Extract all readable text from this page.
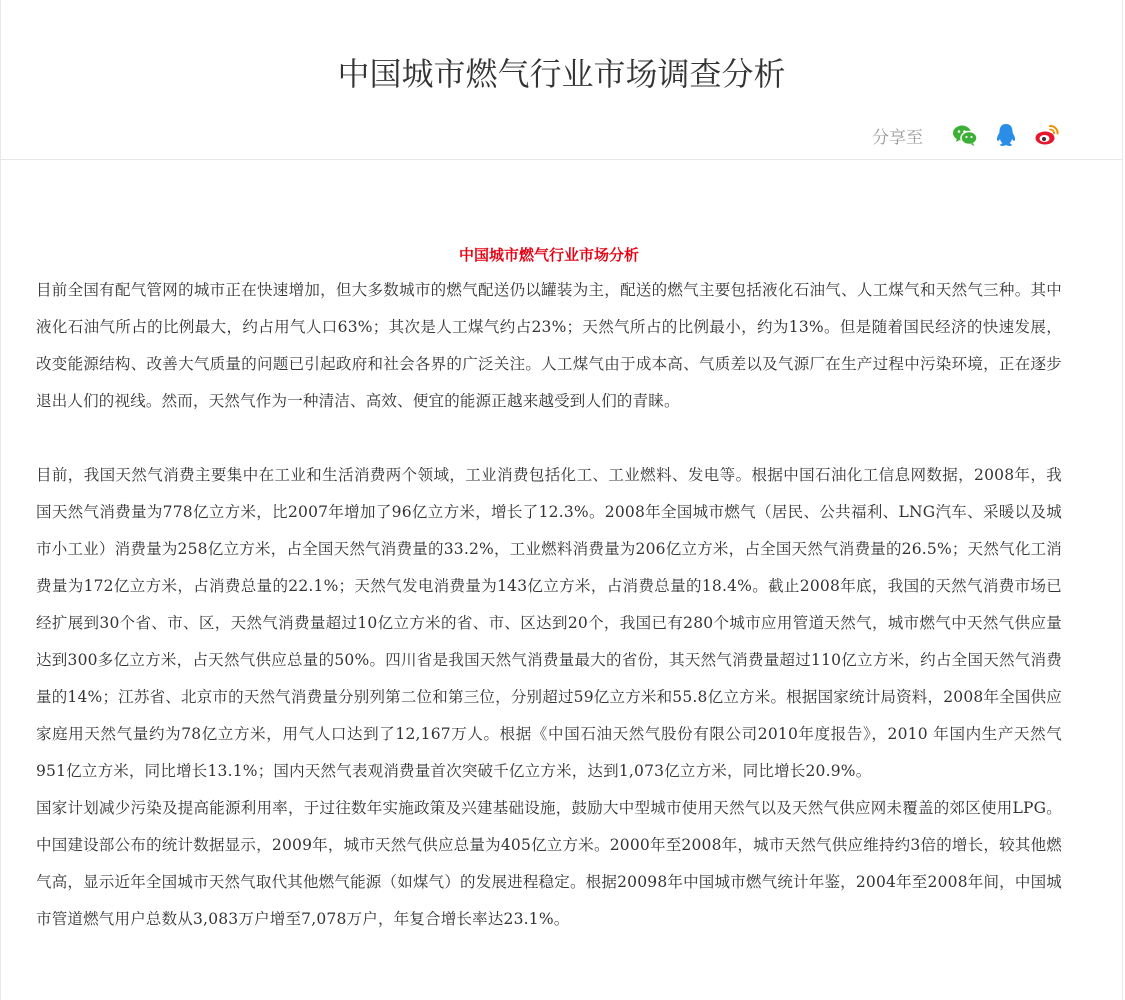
中国城市燃气行业市场调查分析
分享至
中国城市燃气行业市场分析

目前全国有配气管网的城市正在快速增加，但大多数城市的燃气配送仍以罐装为主，配送的燃气主要包括液化石油气、人工煤气和天然气三种。其中液化石油气所占的比例最大，约占用气人口63%；其次是人工煤气约占23%；天然气所占的比例最小，约为13%。但是随着国民经济的快速发展，改变能源结构、改善大气质量的问题已引起政府和社会各界的广泛关注。人工煤气由于成本高、气质差以及气源厂在生产过程中污染环境，正在逐步退出人们的视线。然而，天然气作为一种清洁、高效、便宜的能源正越来越受到人们的青睐。

目前，我国天然气消费主要集中在工业和生活消费两个领域，工业消费包括化工、工业燃料、发电等。根据中国石油化工信息网数据，2008年，我国天然气消费量为778亿立方米，比2007年增加了96亿立方米，增长了12.3%。2008年全国城市燃气（居民、公共福利、LNG汽车、采暖以及城市小工业）消费量为258亿立方米，占全国天然气消费量的33.2%，工业燃料消费量为206亿立方米，占全国天然气消费量的26.5%；天然气化工消费量为172亿立方米，占消费总量的22.1%；天然气发电消费量为143亿立方米，占消费总量的18.4%。截止2008年底，我国的天然气消费市场已经扩展到30个省、市、区，天然气消费量超过10亿立方米的省、市、区达到20个，我国已有280个城市应用管道天然气，城市燃气中天然气供应量达到300多亿立方米，占天然气供应总量的50%。四川省是我国天然气消费量最大的省份，其天然气消费量超过110亿立方米，约占全国天然气消费量的14%；江苏省、北京市的天然气消费量分别列第二位和第三位，分别超过59亿立方米和55.8亿立方米。根据国家统计局资料，2008年全国供应家庭用天然气量约为78亿立方米，用气人口达到了12,167万人。根据《中国石油天然气股份有限公司2010年度报告》，2010 年国内生产天然气951亿立方米，同比增长13.1%；国内天然气表观消费量首次突破千亿立方米，达到1,073亿立方米，同比增长20.9%。

国家计划减少污染及提高能源利用率，于过往数年实施政策及兴建基础设施，鼓励大中型城市使用天然气以及天然气供应网未覆盖的郊区使用LPG。中国建设部公布的统计数据显示，2009年，城市天然气供应总量为405亿立方米。2000年至2008年，城市天然气供应维持约3倍的增长，较其他燃气高，显示近年全国城市天然气取代其他燃气能源（如煤气）的发展进程稳定。根据20098年中国城市燃气统计年鉴，2004年至2008年间，中国城市管道燃气用户总数从3,083万户增至7,078万户，年复合增长率达23.1%。
